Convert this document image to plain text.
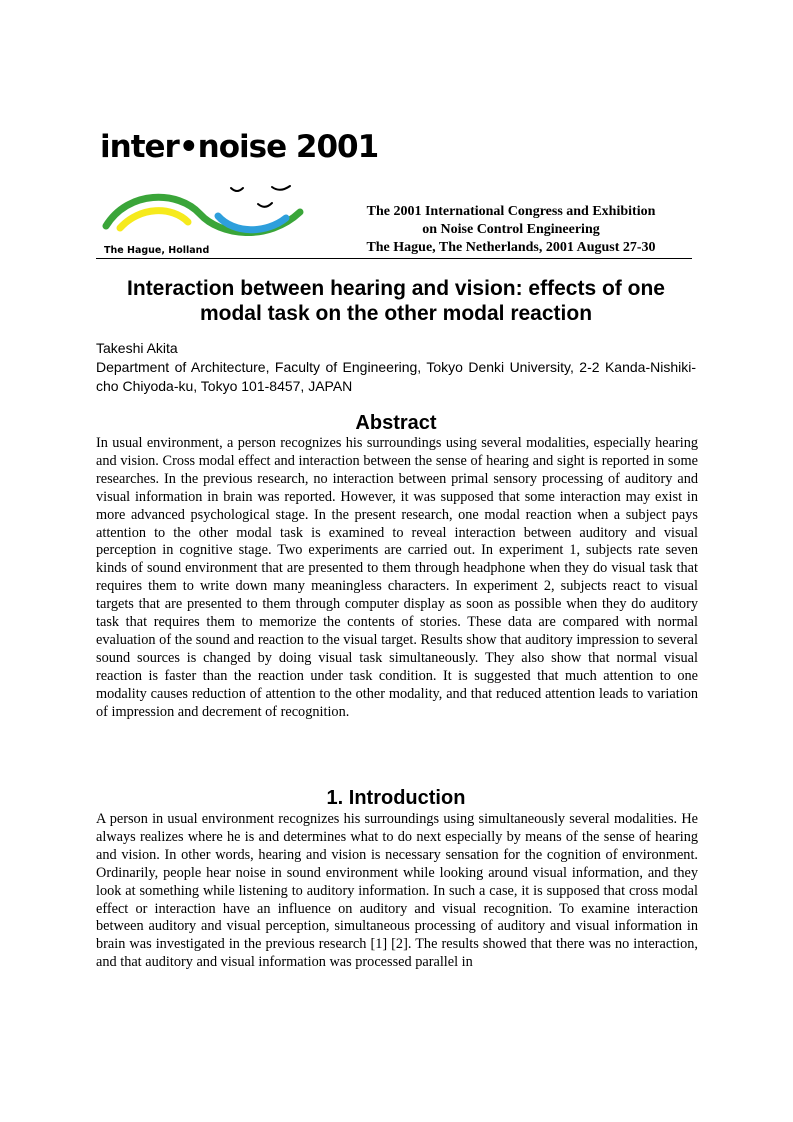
inter•noise 2001
The Hague, Holland
The 2001 International Congress and Exhibition
on Noise Control Engineering
The Hague, The Netherlands, 2001 August 27-30
Interaction between hearing and vision: effects of one modal task on the other modal reaction
Takeshi Akita
Department of Architecture, Faculty of Engineering, Tokyo Denki University, 2-2 Kanda-Nishiki-cho Chiyoda-ku, Tokyo 101-8457, JAPAN
Abstract
In usual environment, a person recognizes his surroundings using several modalities, especially hearing and vision. Cross modal effect and interaction between the sense of hearing and sight is reported in some researches. In the previous research, no interaction between primal sensory processing of auditory and visual information in brain was reported. However, it was supposed that some interaction may exist in more advanced psychological stage. In the present research, one modal reaction when a subject pays attention to the other modal task is examined to reveal interaction between auditory and visual perception in cognitive stage. Two experiments are carried out. In experiment 1, subjects rate seven kinds of sound environment that are presented to them through headphone when they do visual task that requires them to write down many meaningless characters. In experiment 2, subjects react to visual targets that are presented to them through computer display as soon as possible when they do auditory task that requires them to memorize the contents of stories. These data are compared with normal evaluation of the sound and reaction to the visual target. Results show that auditory impression to several sound sources is changed by doing visual task simultaneously. They also show that normal visual reaction is faster than the reaction under task condition. It is suggested that much attention to one modality causes reduction of attention to the other modality, and that reduced attention leads to variation of impression and decrement of recognition.
1. Introduction
A person in usual environment recognizes his surroundings using simultaneously several modalities. He always realizes where he is and determines what to do next especially by means of the sense of hearing and vision. In other words, hearing and vision is necessary sensation for the cognition of environment. Ordinarily, people hear noise in sound environment while looking around visual information, and they look at something while listening to auditory information. In such a case, it is supposed that cross modal effect or interaction have an influence on auditory and visual recognition. To examine interaction between auditory and visual perception, simultaneous processing of auditory and visual information in brain was investigated in the previous research [1] [2]. The results showed that there was no interaction, and that auditory and visual information was processed parallel in
